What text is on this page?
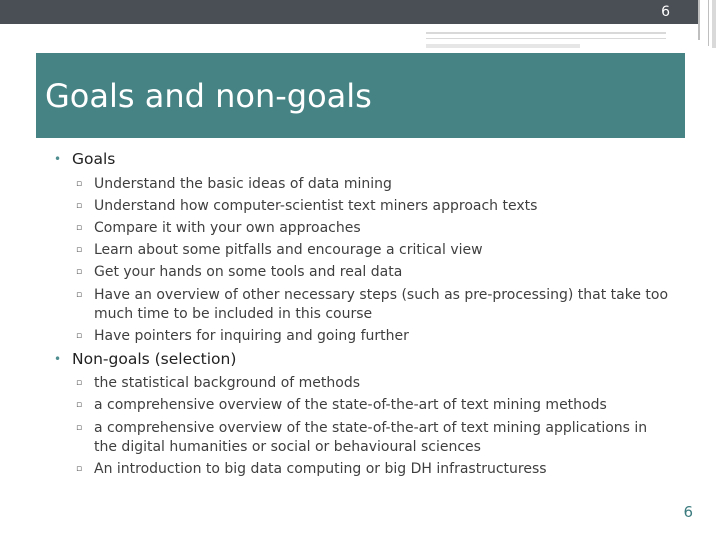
6
Goals and non-goals
• Goals
▫ Understand the basic ideas of data mining
▫ Understand how computer-scientist text miners approach texts
▫ Compare it with your own approaches
▫ Learn about some pitfalls and encourage a critical view
▫ Get your hands on some tools and real data
▫ Have an overview of other necessary steps (such as pre-processing) that take too
much time to be included in this course
▫ Have pointers for inquiring and going further
• Non-goals (selection)
▫ the statistical background of methods
▫ a comprehensive overview of the state-of-the-art of text mining methods
▫ a comprehensive overview of the state-of-the-art of text mining applications in
the digital humanities or social or behavioural sciences
▫ An introduction to big data computing or big DH infrastructuress
6
